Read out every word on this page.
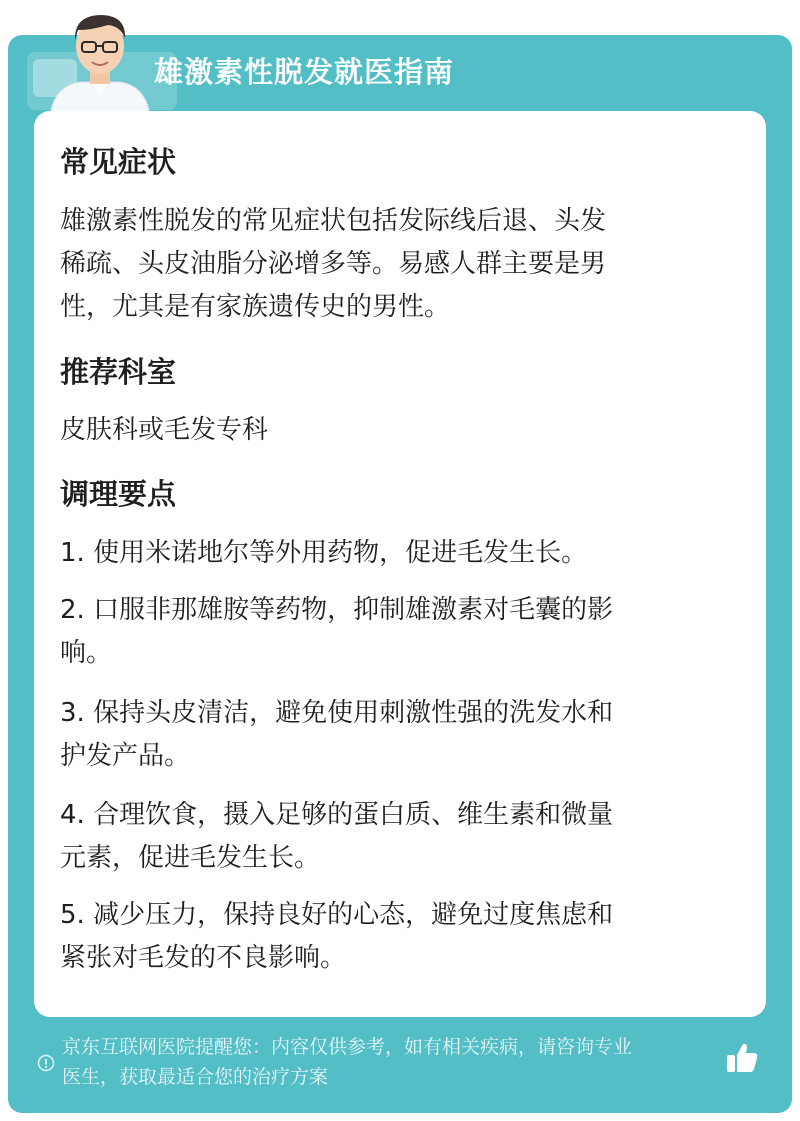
雄激素性脱发就医指南
常见症状
雄激素性脱发的常见症状包括发际线后退、头发
稀疏、头皮油脂分泌增多等。易感人群主要是男
性，尤其是有家族遗传史的男性。
推荐科室
皮肤科或毛发专科
调理要点
1. 使用米诺地尔等外用药物，促进毛发生长。
2. 口服非那雄胺等药物，抑制雄激素对毛囊的影
响。
3. 保持头皮清洁，避免使用刺激性强的洗发水和
护发产品。
4. 合理饮食，摄入足够的蛋白质、维生素和微量
元素，促进毛发生长。
5. 减少压力，保持良好的心态，避免过度焦虑和
紧张对毛发的不良影响。
京东互联网医院提醒您：内容仅供参考，如有相关疾病，请咨询专业
医生，获取最适合您的治疗方案
